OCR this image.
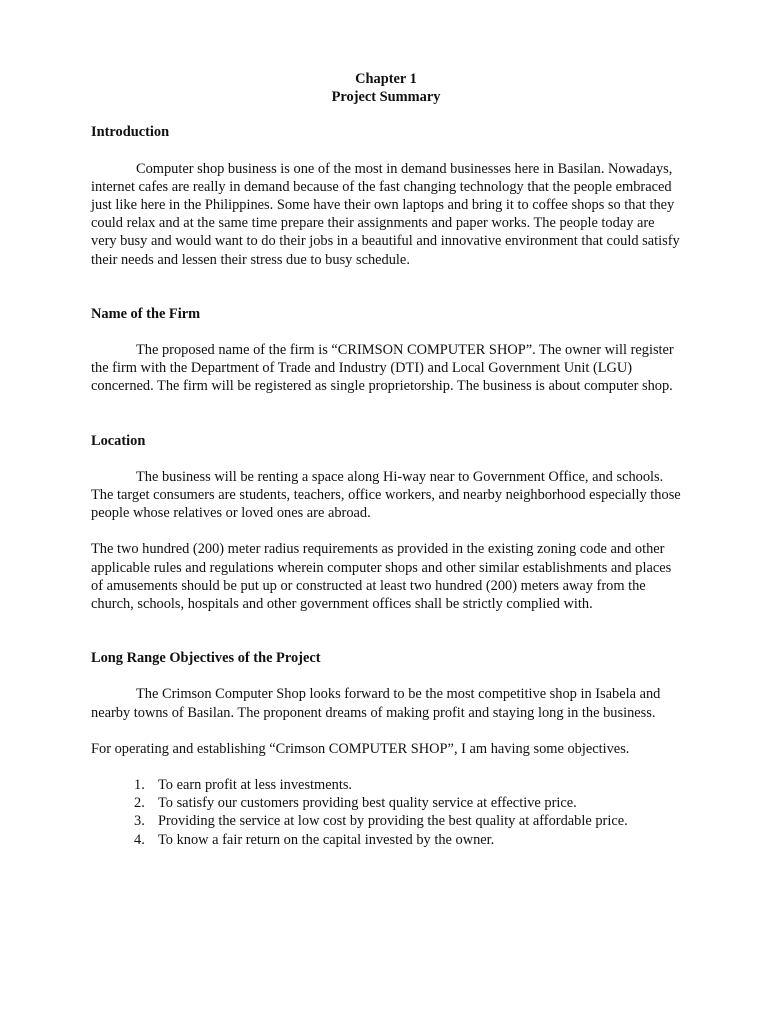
Chapter 1
Project Summary
Introduction

Computer shop business is one of the most in demand businesses here in Basilan. Nowadays, internet cafes are really in demand because of the fast changing technology that the people embraced just like here in the Philippines. Some have their own laptops and bring it to coffee shops so that they could relax and at the same time prepare their assignments and paper works. The people today are very busy and would want to do their jobs in a beautiful and innovative environment that could satisfy their needs and lessen their stress due to busy schedule.

Name of the Firm

The proposed name of the firm is “CRIMSON COMPUTER SHOP”. The owner will register the firm with the Department of Trade and Industry (DTI) and Local Government Unit (LGU) concerned. The firm will be registered as single proprietorship. The business is about computer shop.

Location

The business will be renting a space along Hi-way near to Government Office, and schools. The target consumers are students, teachers, office workers, and nearby neighborhood especially those people whose relatives or loved ones are abroad.

The two hundred (200) meter radius requirements as provided in the existing zoning code and other applicable rules and regulations wherein computer shops and other similar establishments and places of amusements should be put up or constructed at least two hundred (200) meters away from the church, schools, hospitals and other government offices shall be strictly complied with.

Long Range Objectives of the Project

The Crimson Computer Shop looks forward to be the most competitive shop in Isabela and nearby towns of Basilan. The proponent dreams of making profit and staying long in the business.

For operating and establishing “Crimson COMPUTER SHOP”, I am having some objectives.

1. To earn profit at less investments.
2. To satisfy our customers providing best quality service at effective price.
3. Providing the service at low cost by providing the best quality at affordable price.
4. To know a fair return on the capital invested by the owner.
